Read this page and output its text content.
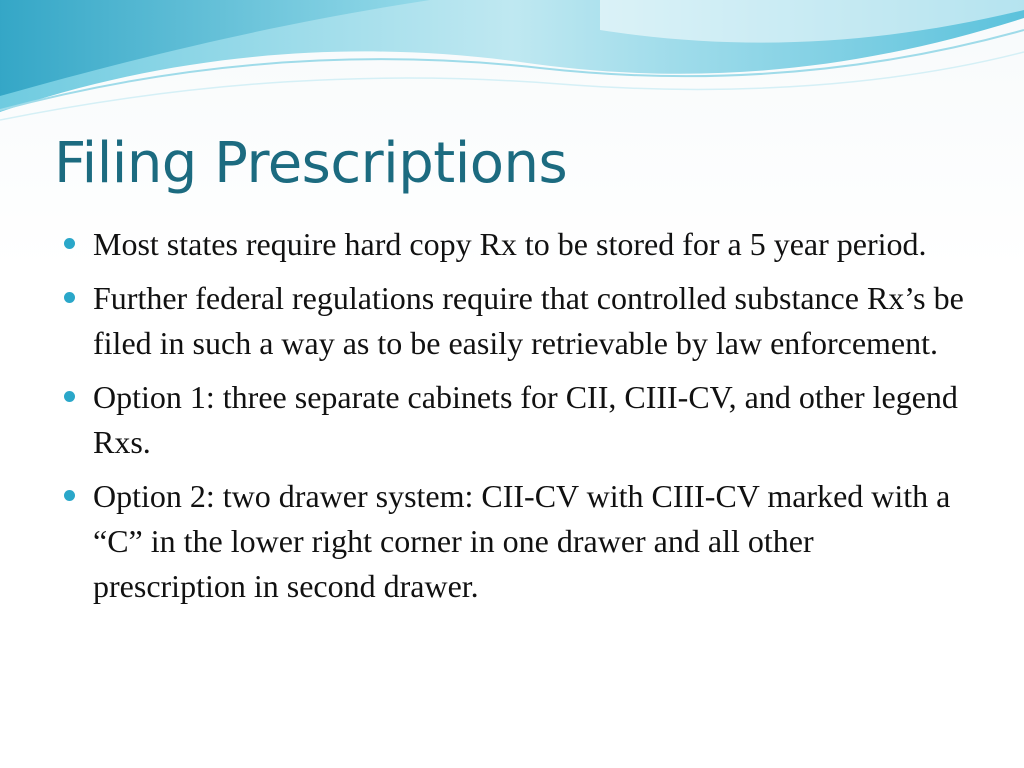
Filing Prescriptions
Most states require hard copy Rx to be stored for a 5 year period.
Further federal regulations require that controlled substance Rx’s be filed in such a way as to be easily retrievable by law enforcement.
Option 1: three separate cabinets for CII, CIII-CV, and other legend Rxs.
Option 2: two drawer system: CII-CV with CIII-CV marked with a “C” in the lower right corner in one drawer and all other prescription in second drawer.
